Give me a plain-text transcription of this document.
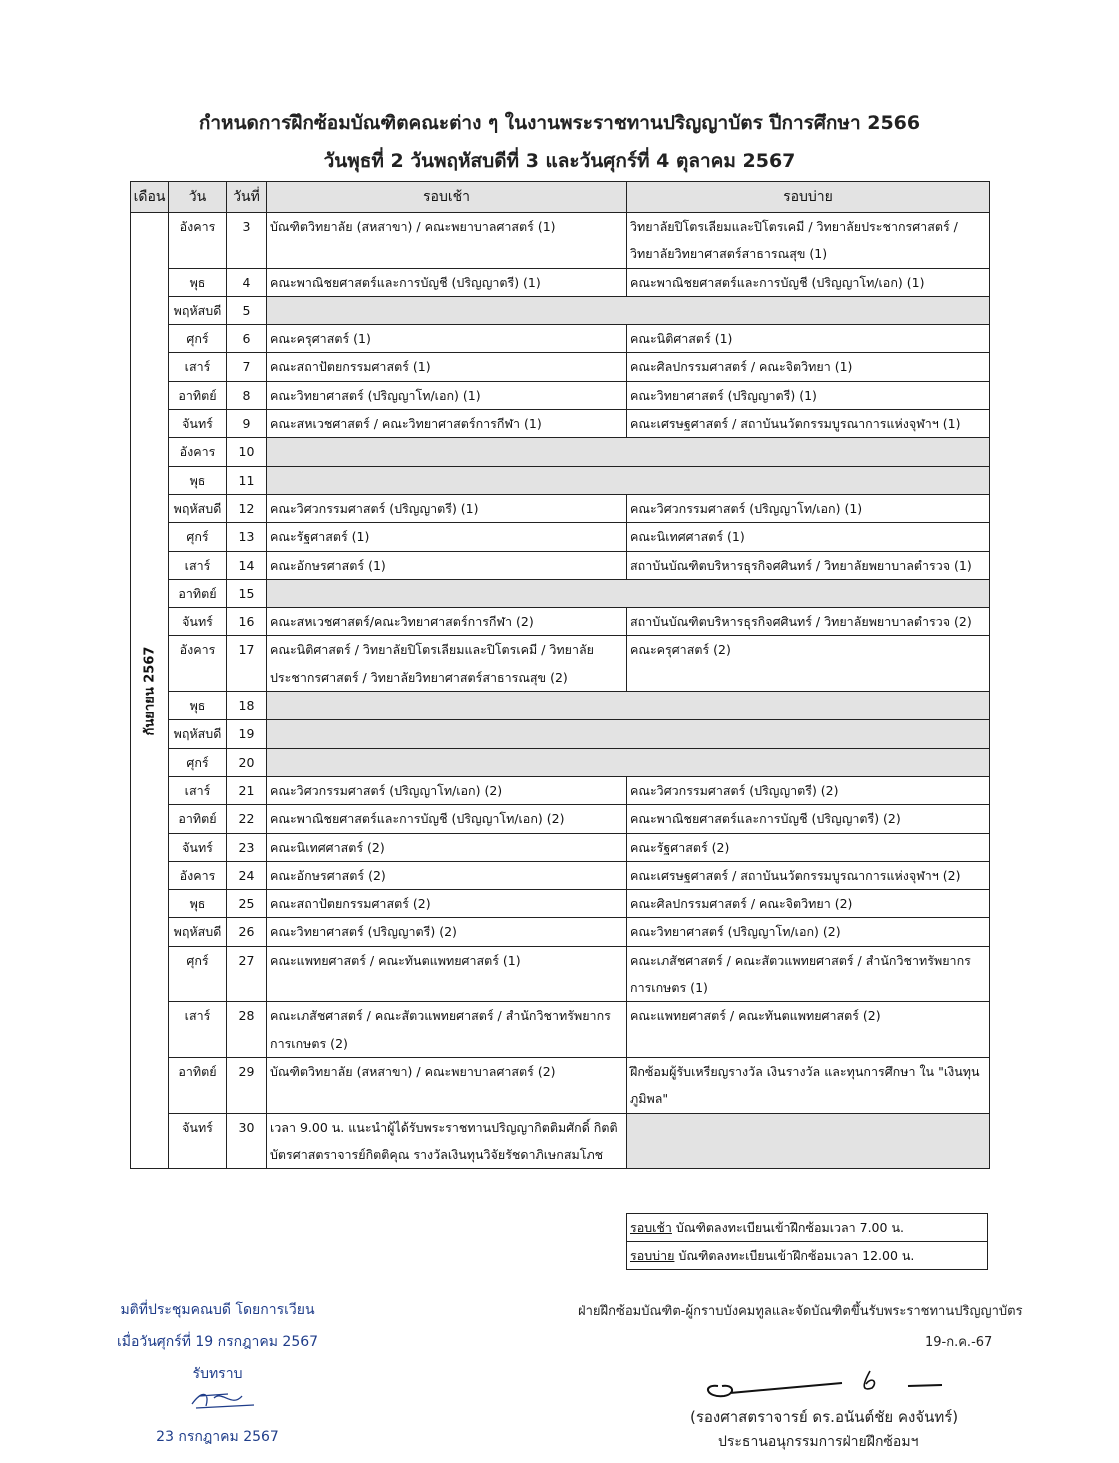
กำหนดการฝึกซ้อมบัณฑิตคณะต่าง ๆ ในงานพระราชทานปริญญาบัตร ปีการศึกษา 2566
วันพุธที่ 2 วันพฤหัสบดีที่ 3 และวันศุกร์ที่ 4 ตุลาคม 2567
เดือน	วัน	วันที่	รอบเช้า	รอบบ่าย

กันยายน 2567	อังคาร	3	บัณฑิตวิทยาลัย (สหสาขา) / คณะพยาบาลศาสตร์ (1)	วิทยาลัยปิโตรเลียมและปิโตรเคมี / วิทยาลัยประชากรศาสตร์ / วิทยาลัยวิทยาศาสตร์สาธารณสุข (1)

	พุธ	4	คณะพาณิชยศาสตร์และการบัญชี (ปริญญาตรี) (1)	คณะพาณิชยศาสตร์และการบัญชี (ปริญญาโท/เอก) (1)
	พฤหัสบดี	5		
	ศุกร์	6	คณะครุศาสตร์ (1)	คณะนิติศาสตร์ (1)
	เสาร์	7	คณะสถาปัตยกรรมศาสตร์ (1)	คณะศิลปกรรมศาสตร์ / คณะจิตวิทยา (1)
	อาทิตย์	8	คณะวิทยาศาสตร์ (ปริญญาโท/เอก) (1)	คณะวิทยาศาสตร์ (ปริญญาตรี) (1)
	จันทร์	9	คณะสหเวชศาสตร์ / คณะวิทยาศาสตร์การกีฬา (1)	คณะเศรษฐศาสตร์ / สถาบันนวัตกรรมบูรณาการแห่งจุฬาฯ (1)
	อังคาร	10		
	พุธ	11		
	พฤหัสบดี	12	คณะวิศวกรรมศาสตร์ (ปริญญาตรี) (1)	คณะวิศวกรรมศาสตร์ (ปริญญาโท/เอก) (1)
	ศุกร์	13	คณะรัฐศาสตร์ (1)	คณะนิเทศศาสตร์ (1)
	เสาร์	14	คณะอักษรศาสตร์ (1)	สถาบันบัณฑิตบริหารธุรกิจศศินทร์ / วิทยาลัยพยาบาลตำรวจ (1)
	อาทิตย์	15		
	จันทร์	16	คณะสหเวชศาสตร์/คณะวิทยาศาสตร์การกีฬา (2)	สถาบันบัณฑิตบริหารธุรกิจศศินทร์ / วิทยาลัยพยาบาลตำรวจ (2)
	อังคาร	17	คณะนิติศาสตร์ / วิทยาลัยปิโตรเลียมและปิโตรเคมี / วิทยาลัยประชากรศาสตร์ / วิทยาลัยวิทยาศาสตร์สาธารณสุข (2)	คณะครุศาสตร์ (2)

	พุธ	18		
	พฤหัสบดี	19		
	ศุกร์	20		
	เสาร์	21	คณะวิศวกรรมศาสตร์ (ปริญญาโท/เอก) (2)	คณะวิศวกรรมศาสตร์ (ปริญญาตรี) (2)
	อาทิตย์	22	คณะพาณิชยศาสตร์และการบัญชี (ปริญญาโท/เอก) (2)	คณะพาณิชยศาสตร์และการบัญชี (ปริญญาตรี) (2)
	จันทร์	23	คณะนิเทศศาสตร์ (2)	คณะรัฐศาสตร์ (2)
	อังคาร	24	คณะอักษรศาสตร์ (2)	คณะเศรษฐศาสตร์ / สถาบันนวัตกรรมบูรณาการแห่งจุฬาฯ (2)
	พุธ	25	คณะสถาปัตยกรรมศาสตร์ (2)	คณะศิลปกรรมศาสตร์ / คณะจิตวิทยา (2)
	พฤหัสบดี	26	คณะวิทยาศาสตร์ (ปริญญาตรี) (2)	คณะวิทยาศาสตร์ (ปริญญาโท/เอก) (2)
	ศุกร์	27	คณะแพทยศาสตร์ / คณะทันตแพทยศาสตร์ (1)	คณะเภสัชศาสตร์ / คณะสัตวแพทยศาสตร์ / สำนักวิชาทรัพยากรการเกษตร (1)

	เสาร์	28	คณะเภสัชศาสตร์ / คณะสัตวแพทยศาสตร์ / สำนักวิชาทรัพยากรการเกษตร (2)	คณะแพทยศาสตร์ / คณะทันตแพทยศาสตร์ (2)

	อาทิตย์	29	บัณฑิตวิทยาลัย (สหสาขา) / คณะพยาบาลศาสตร์ (2)	ฝึกซ้อมผู้รับเหรียญรางวัล เงินรางวัล และทุนการศึกษา ใน "เงินทุนภูมิพล"

	จันทร์	30	เวลา 9.00 น. แนะนำผู้ได้รับพระราชทานปริญญากิตติมศักดิ์ กิตติบัตรศาสตราจารย์กิตติคุณ รางวัลเงินทุนวิจัยรัชดาภิเษกสมโภช	

รอบเช้า บัณฑิตลงทะเบียนเข้าฝึกซ้อมเวลา 7.00 น.
รอบบ่าย บัณฑิตลงทะเบียนเข้าฝึกซ้อมเวลา 12.00 น.
มติที่ประชุมคณบดี โดยการเวียน
เมื่อวันศุกร์ที่ 19 กรกฎาคม 2567
รับทราบ
23 กรกฎาคม 2567
ฝ่ายฝึกซ้อมบัณฑิต-ผู้กราบบังคมทูลและจัดบัณฑิตขึ้นรับพระราชทานปริญญาบัตร
19-ก.ค.-67
(รองศาสตราจารย์ ดร.อนันต์ชัย คงจันทร์)
ประธานอนุกรรมการฝ่ายฝึกซ้อมฯ
